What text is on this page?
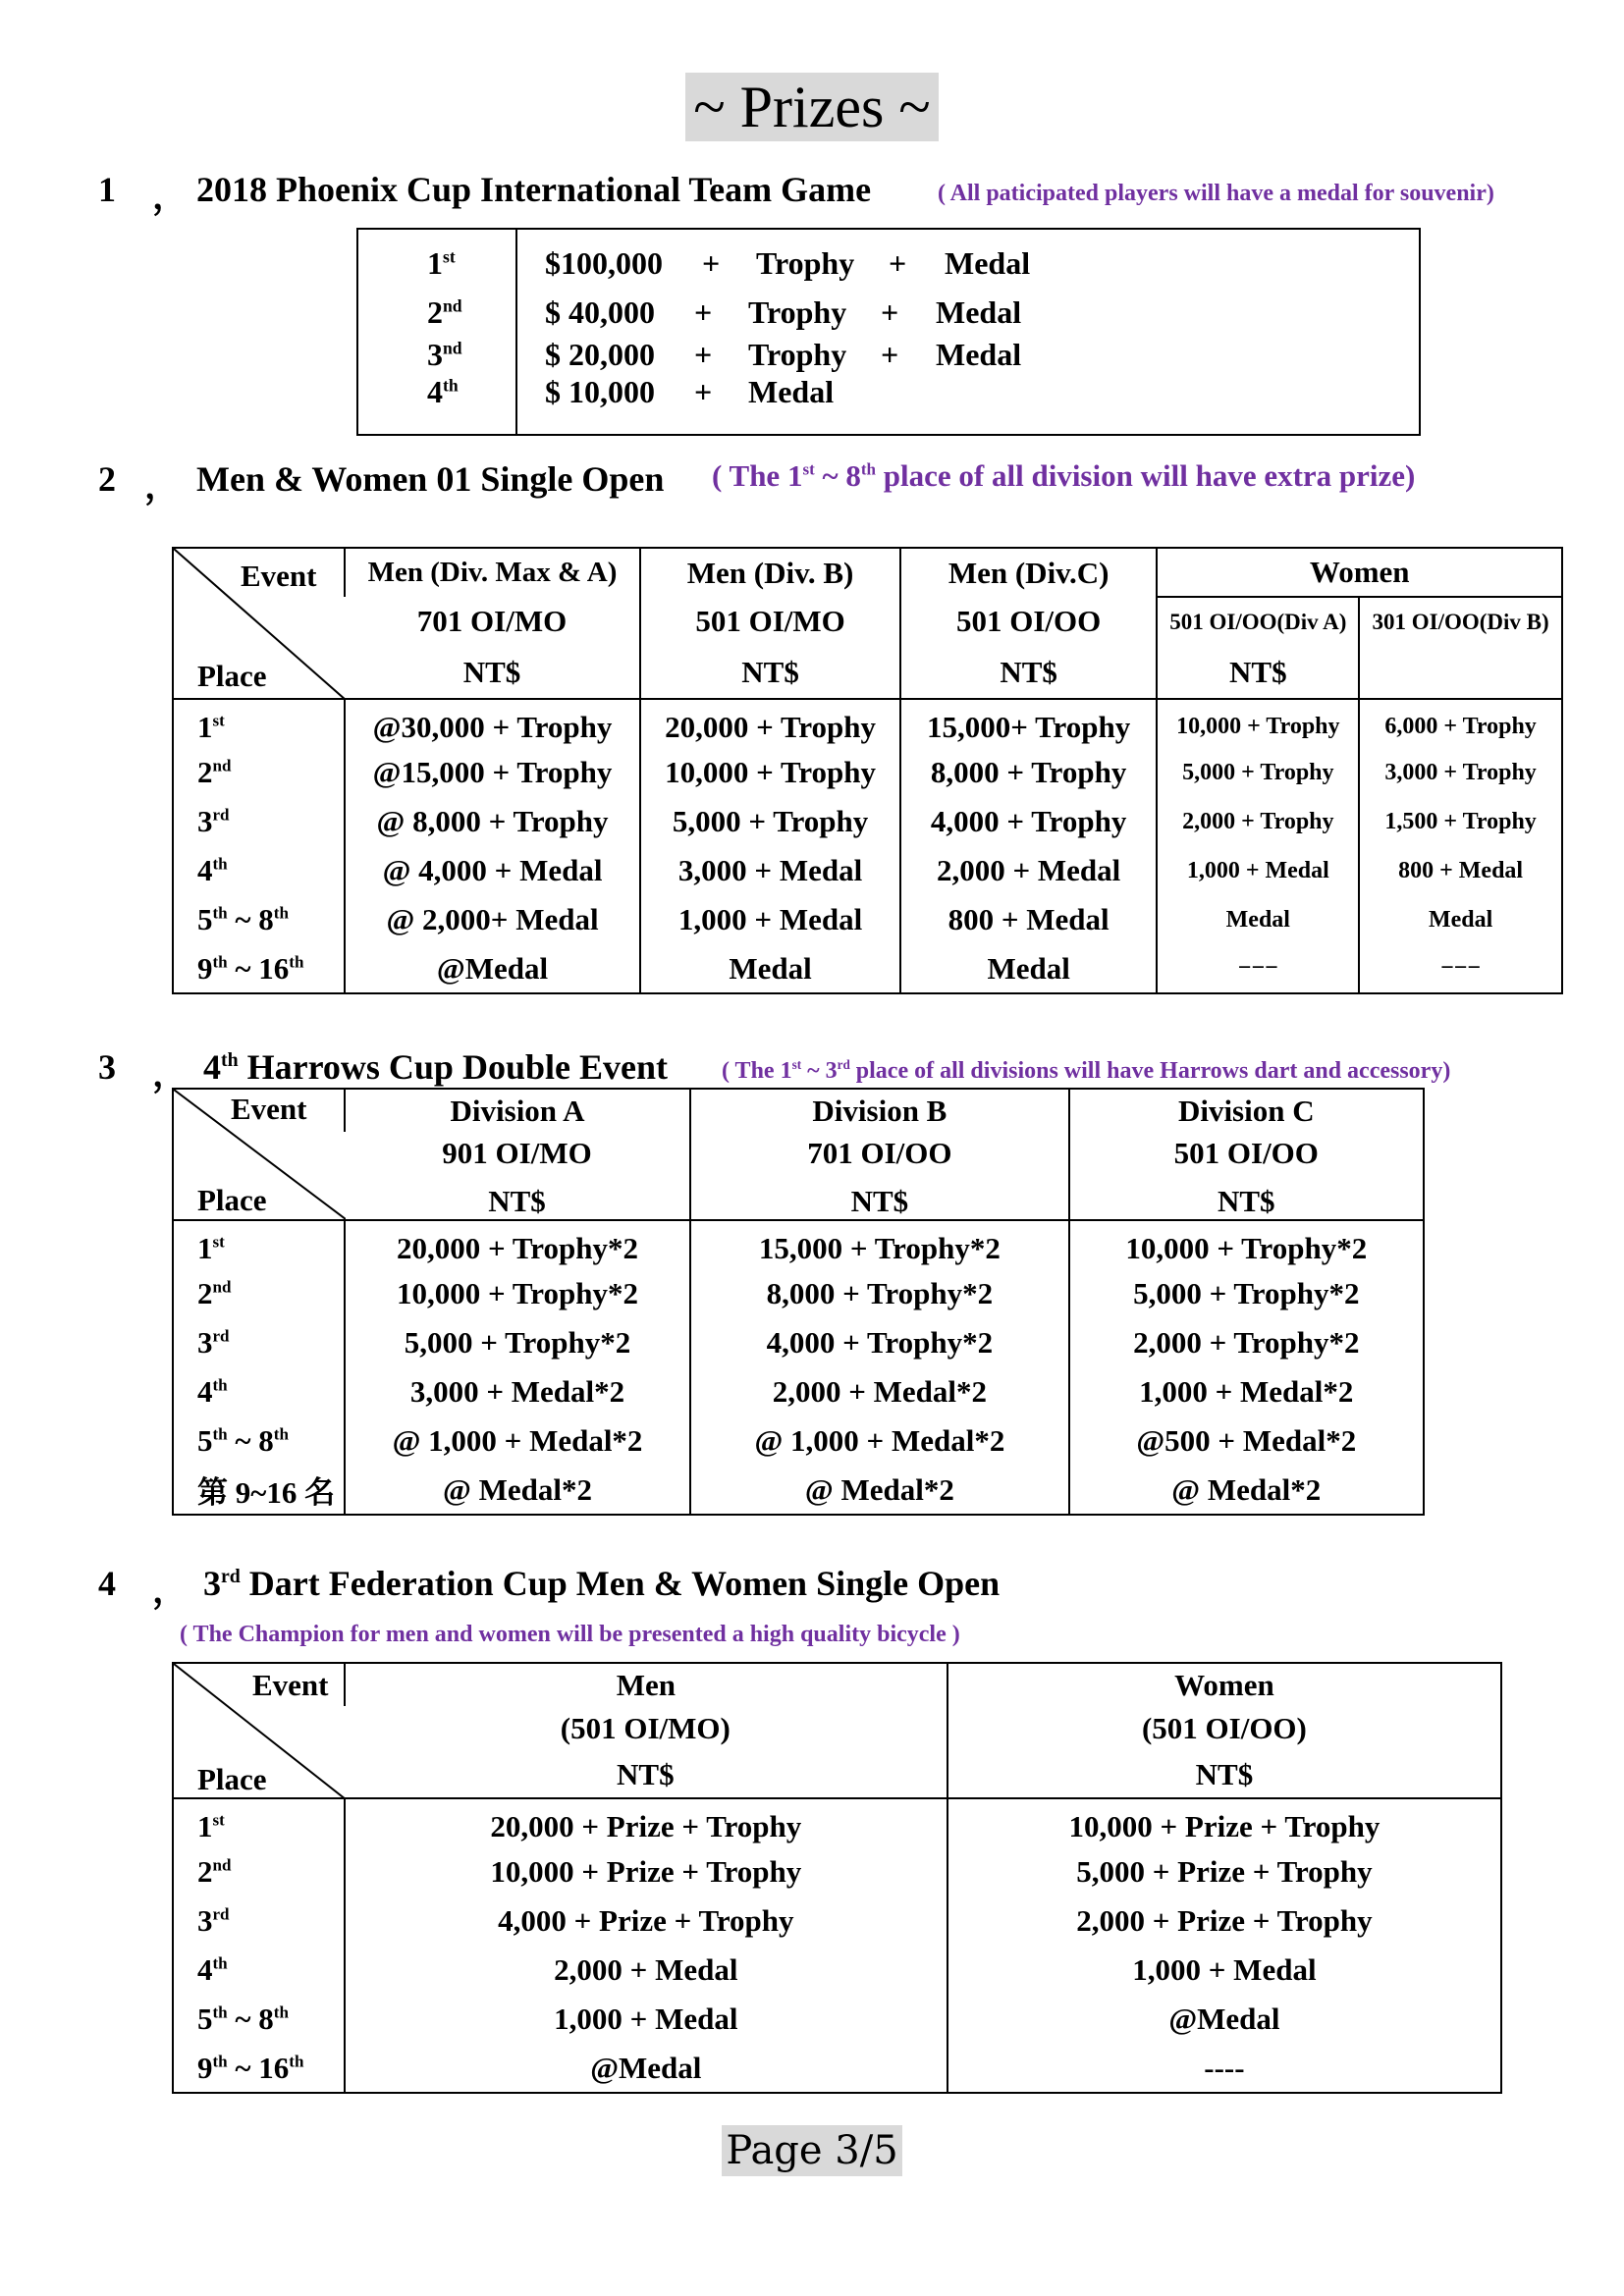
~ Prizes ~
1 ， 2018 Phoenix Cup International Team Game	( All paticipated players will have a medal for souvenir)
1st	$100,000 + Trophy + Medal
2nd	$ 40,000 + Trophy + Medal
3nd	$ 20,000 + Trophy + Medal
4th	$ 10,000 + Medal
2 ， Men & Women 01 Single Open ( The 1st ~ 8th place of all division will have extra prize)
Event
Place	Men (Div. Max & A)	Men (Div. B)	Men (Div.C)	Women	
	701 OI/MO	501 OI/MO	501 OI/OO	501 OI/OO(Div A)	301 OI/OO(Div B)
	NT$	NT$	NT$	NT$	
1st	@30,000 + Trophy	20,000 + Trophy	15,000+ Trophy	10,000 + Trophy	6,000 + Trophy
2nd	@15,000 + Trophy	10,000 + Trophy	8,000 + Trophy	5,000 + Trophy	3,000 + Trophy
3rd	@ 8,000 + Trophy	5,000 + Trophy	4,000 + Trophy	2,000 + Trophy	1,500 + Trophy
4th	@ 4,000 + Medal	3,000 + Medal	2,000 + Medal	1,000 + Medal	800 + Medal
5th ~ 8th	@ 2,000+ Medal	1,000 + Medal	800 + Medal	Medal	Medal
9th ~ 16th	@Medal	Medal	Medal	−−−	−−−
3 ， 4th Harrows Cup Double Event ( The 1st ~ 3rd place of all divisions will have Harrows dart and accessory)
Event
Place	Division A	Division B	Division C
	901 OI/MO	701 OI/OO	501 OI/OO
	NT$	NT$	NT$
1st	20,000 + Trophy*2	15,000 + Trophy*2	10,000 + Trophy*2
2nd	10,000 + Trophy*2	8,000 + Trophy*2	5,000 + Trophy*2
3rd	5,000 + Trophy*2	4,000 + Trophy*2	2,000 + Trophy*2
4th	3,000 + Medal*2	2,000 + Medal*2	1,000 + Medal*2
5th ~ 8th	@ 1,000 + Medal*2	@ 1,000 + Medal*2	@500 + Medal*2
第 9~16 名	@ Medal*2	@ Medal*2	@ Medal*2
4 ， 3rd Dart Federation Cup Men & Women Single Open
( The Champion for men and women will be presented a high quality bicycle )
Event
Place	Men	Women
	(501 OI/MO)	(501 OI/OO)
	NT$	NT$
1st	20,000 + Prize + Trophy	10,000 + Prize + Trophy
2nd	10,000 + Prize + Trophy	5,000 + Prize + Trophy
3rd	4,000 + Prize + Trophy	2,000 + Prize + Trophy
4th	2,000 + Medal	1,000 + Medal
5th ~ 8th	1,000 + Medal	@Medal
9th ~ 16th	@Medal	----
Page 3/5
